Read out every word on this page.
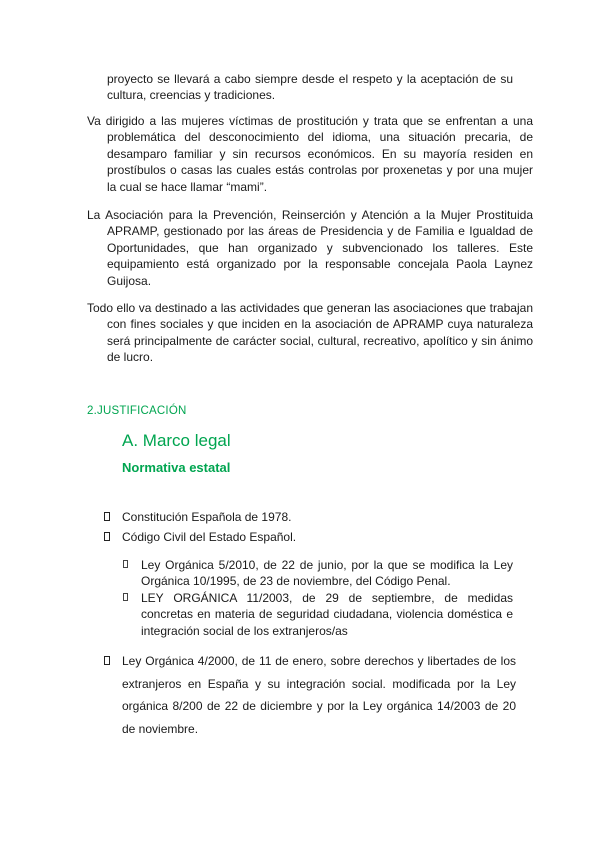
proyecto se llevará a cabo siempre desde el respeto y la aceptación de su cultura, creencias y tradiciones.
Va dirigido a las mujeres víctimas de prostitución y trata que se enfrentan a una problemática del desconocimiento del idioma, una situación precaria, de desamparo familiar y sin recursos económicos. En su mayoría residen en prostíbulos o casas las cuales estás controlas por proxenetas y por una mujer la cual se hace llamar “mami”.
La Asociación para la Prevención, Reinserción y Atención a la Mujer Prostituida APRAMP, gestionado por las áreas de Presidencia y de Familia e Igualdad de Oportunidades, que han organizado y subvencionado los talleres. Este equipamiento está organizado por la responsable concejala Paola Laynez Guijosa.
Todo ello va destinado a las actividades que generan las asociaciones que trabajan con fines sociales y que inciden en la asociación de APRAMP cuya naturaleza será principalmente de carácter social, cultural, recreativo, apolítico y sin ánimo de lucro.
2.JUSTIFICACIÓN
A. Marco legal
Normativa estatal
Constitución Española de 1978.
Código Civil del Estado Español.
Ley Orgánica 5/2010, de 22 de junio, por la que se modifica la Ley Orgánica 10/1995, de 23 de noviembre, del Código Penal.
LEY ORGÁNICA 11/2003, de 29 de septiembre, de medidas concretas en materia de seguridad ciudadana, violencia doméstica e integración social de los extranjeros/as
Ley Orgánica 4/2000, de 11 de enero, sobre derechos y libertades de los extranjeros en España y su integración social. modificada por la Ley orgánica 8/200 de 22 de diciembre y por la Ley orgánica 14/2003 de 20 de noviembre.
